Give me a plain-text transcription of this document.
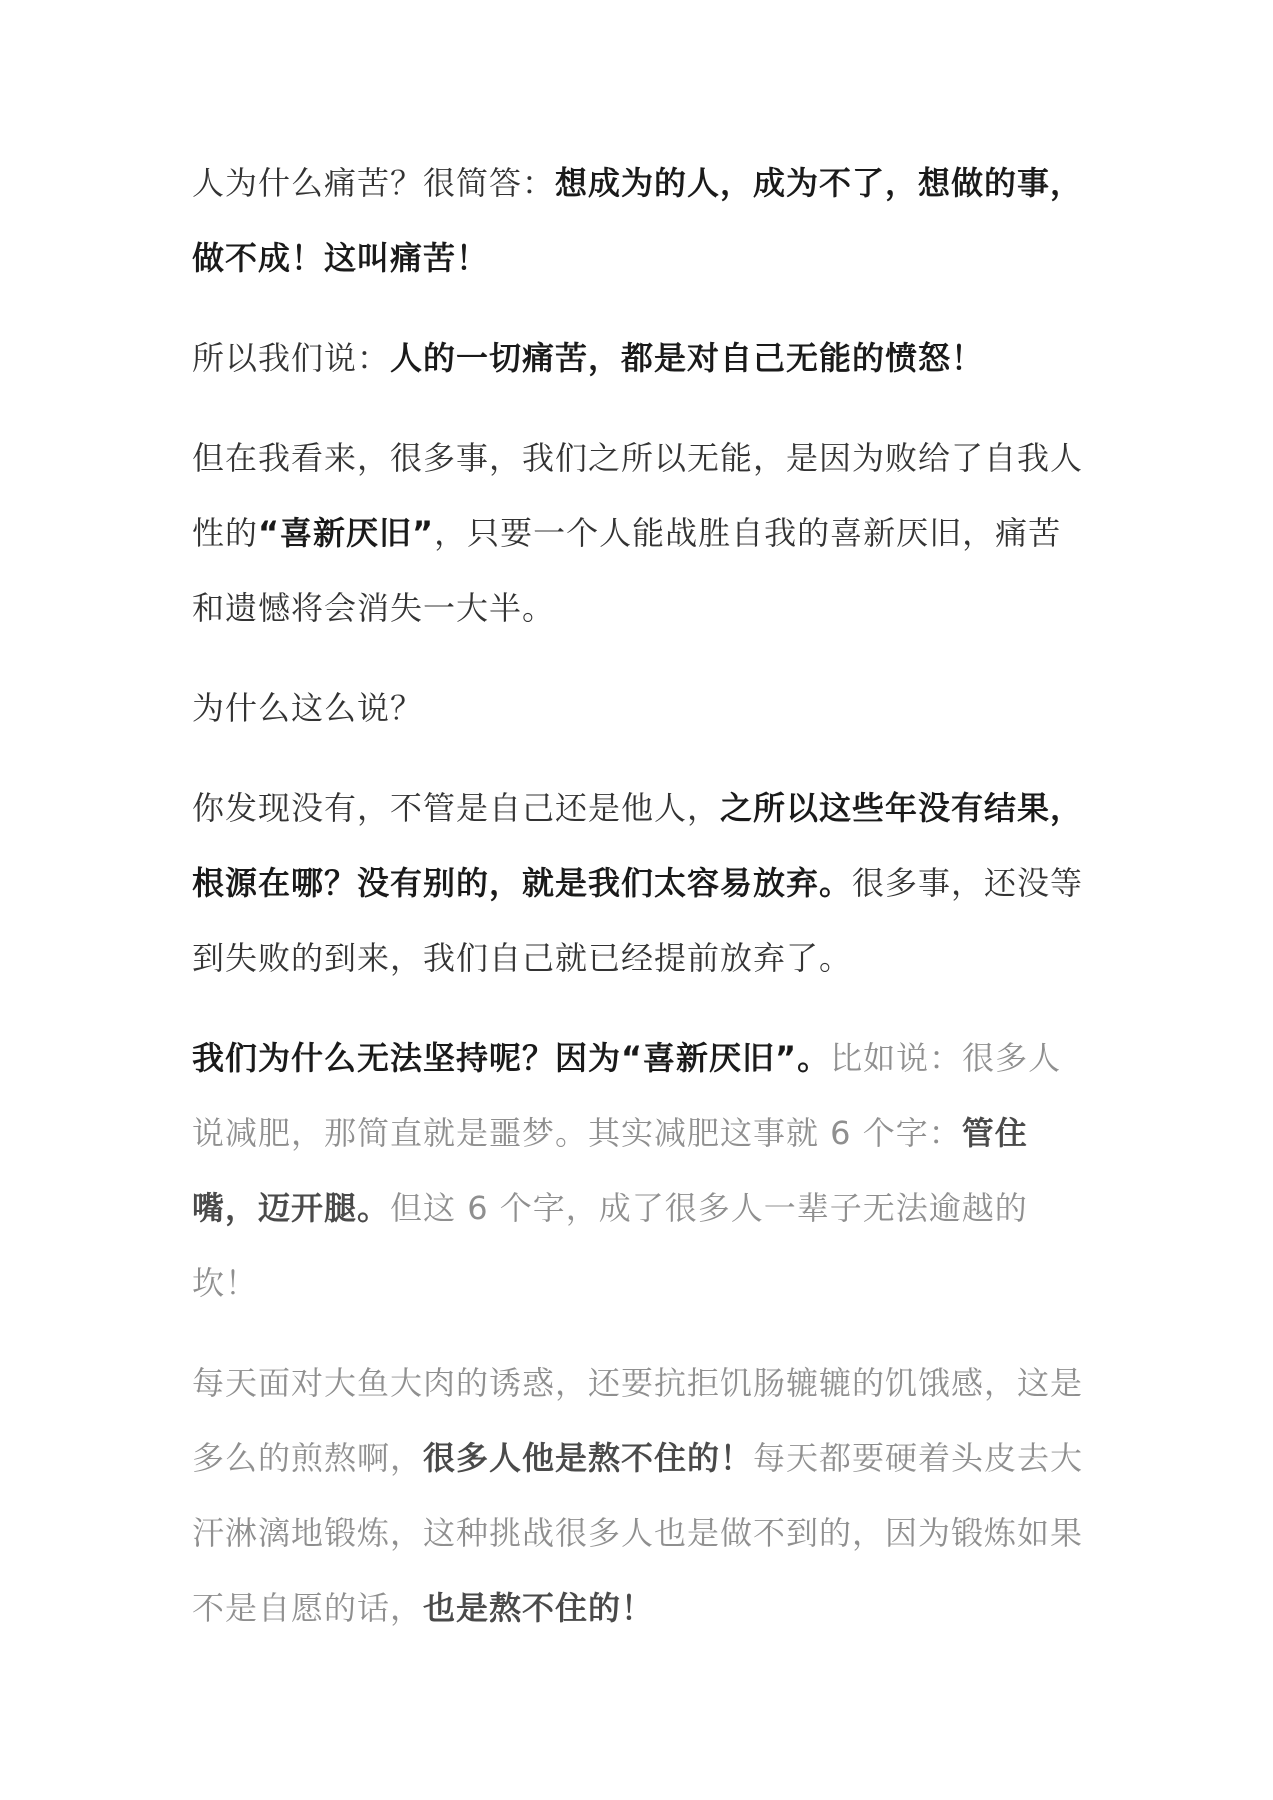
人为什么痛苦？很简答：想成为的人，成为不了，想做的事，做不成！这叫痛苦！

所以我们说：人的一切痛苦，都是对自己无能的愤怒！

但在我看来，很多事，我们之所以无能，是因为败给了自我人性的“喜新厌旧”，只要一个人能战胜自我的喜新厌旧，痛苦和遗憾将会消失一大半。

为什么这么说？

你发现没有，不管是自己还是他人，之所以这些年没有结果，根源在哪？没有别的，就是我们太容易放弃。很多事，还没等到失败的到来，我们自己就已经提前放弃了。

我们为什么无法坚持呢？因为“喜新厌旧”。比如说：很多人说减肥，那简直就是噩梦。其实减肥这事就 6 个字：管住嘴，迈开腿。但这 6 个字，成了很多人一辈子无法逾越的坎！

每天面对大鱼大肉的诱惑，还要抗拒饥肠辘辘的饥饿感，这是多么的煎熬啊，很多人他是熬不住的！每天都要硬着头皮去大汗淋漓地锻炼，这种挑战很多人也是做不到的，因为锻炼如果不是自愿的话，也是熬不住的！
